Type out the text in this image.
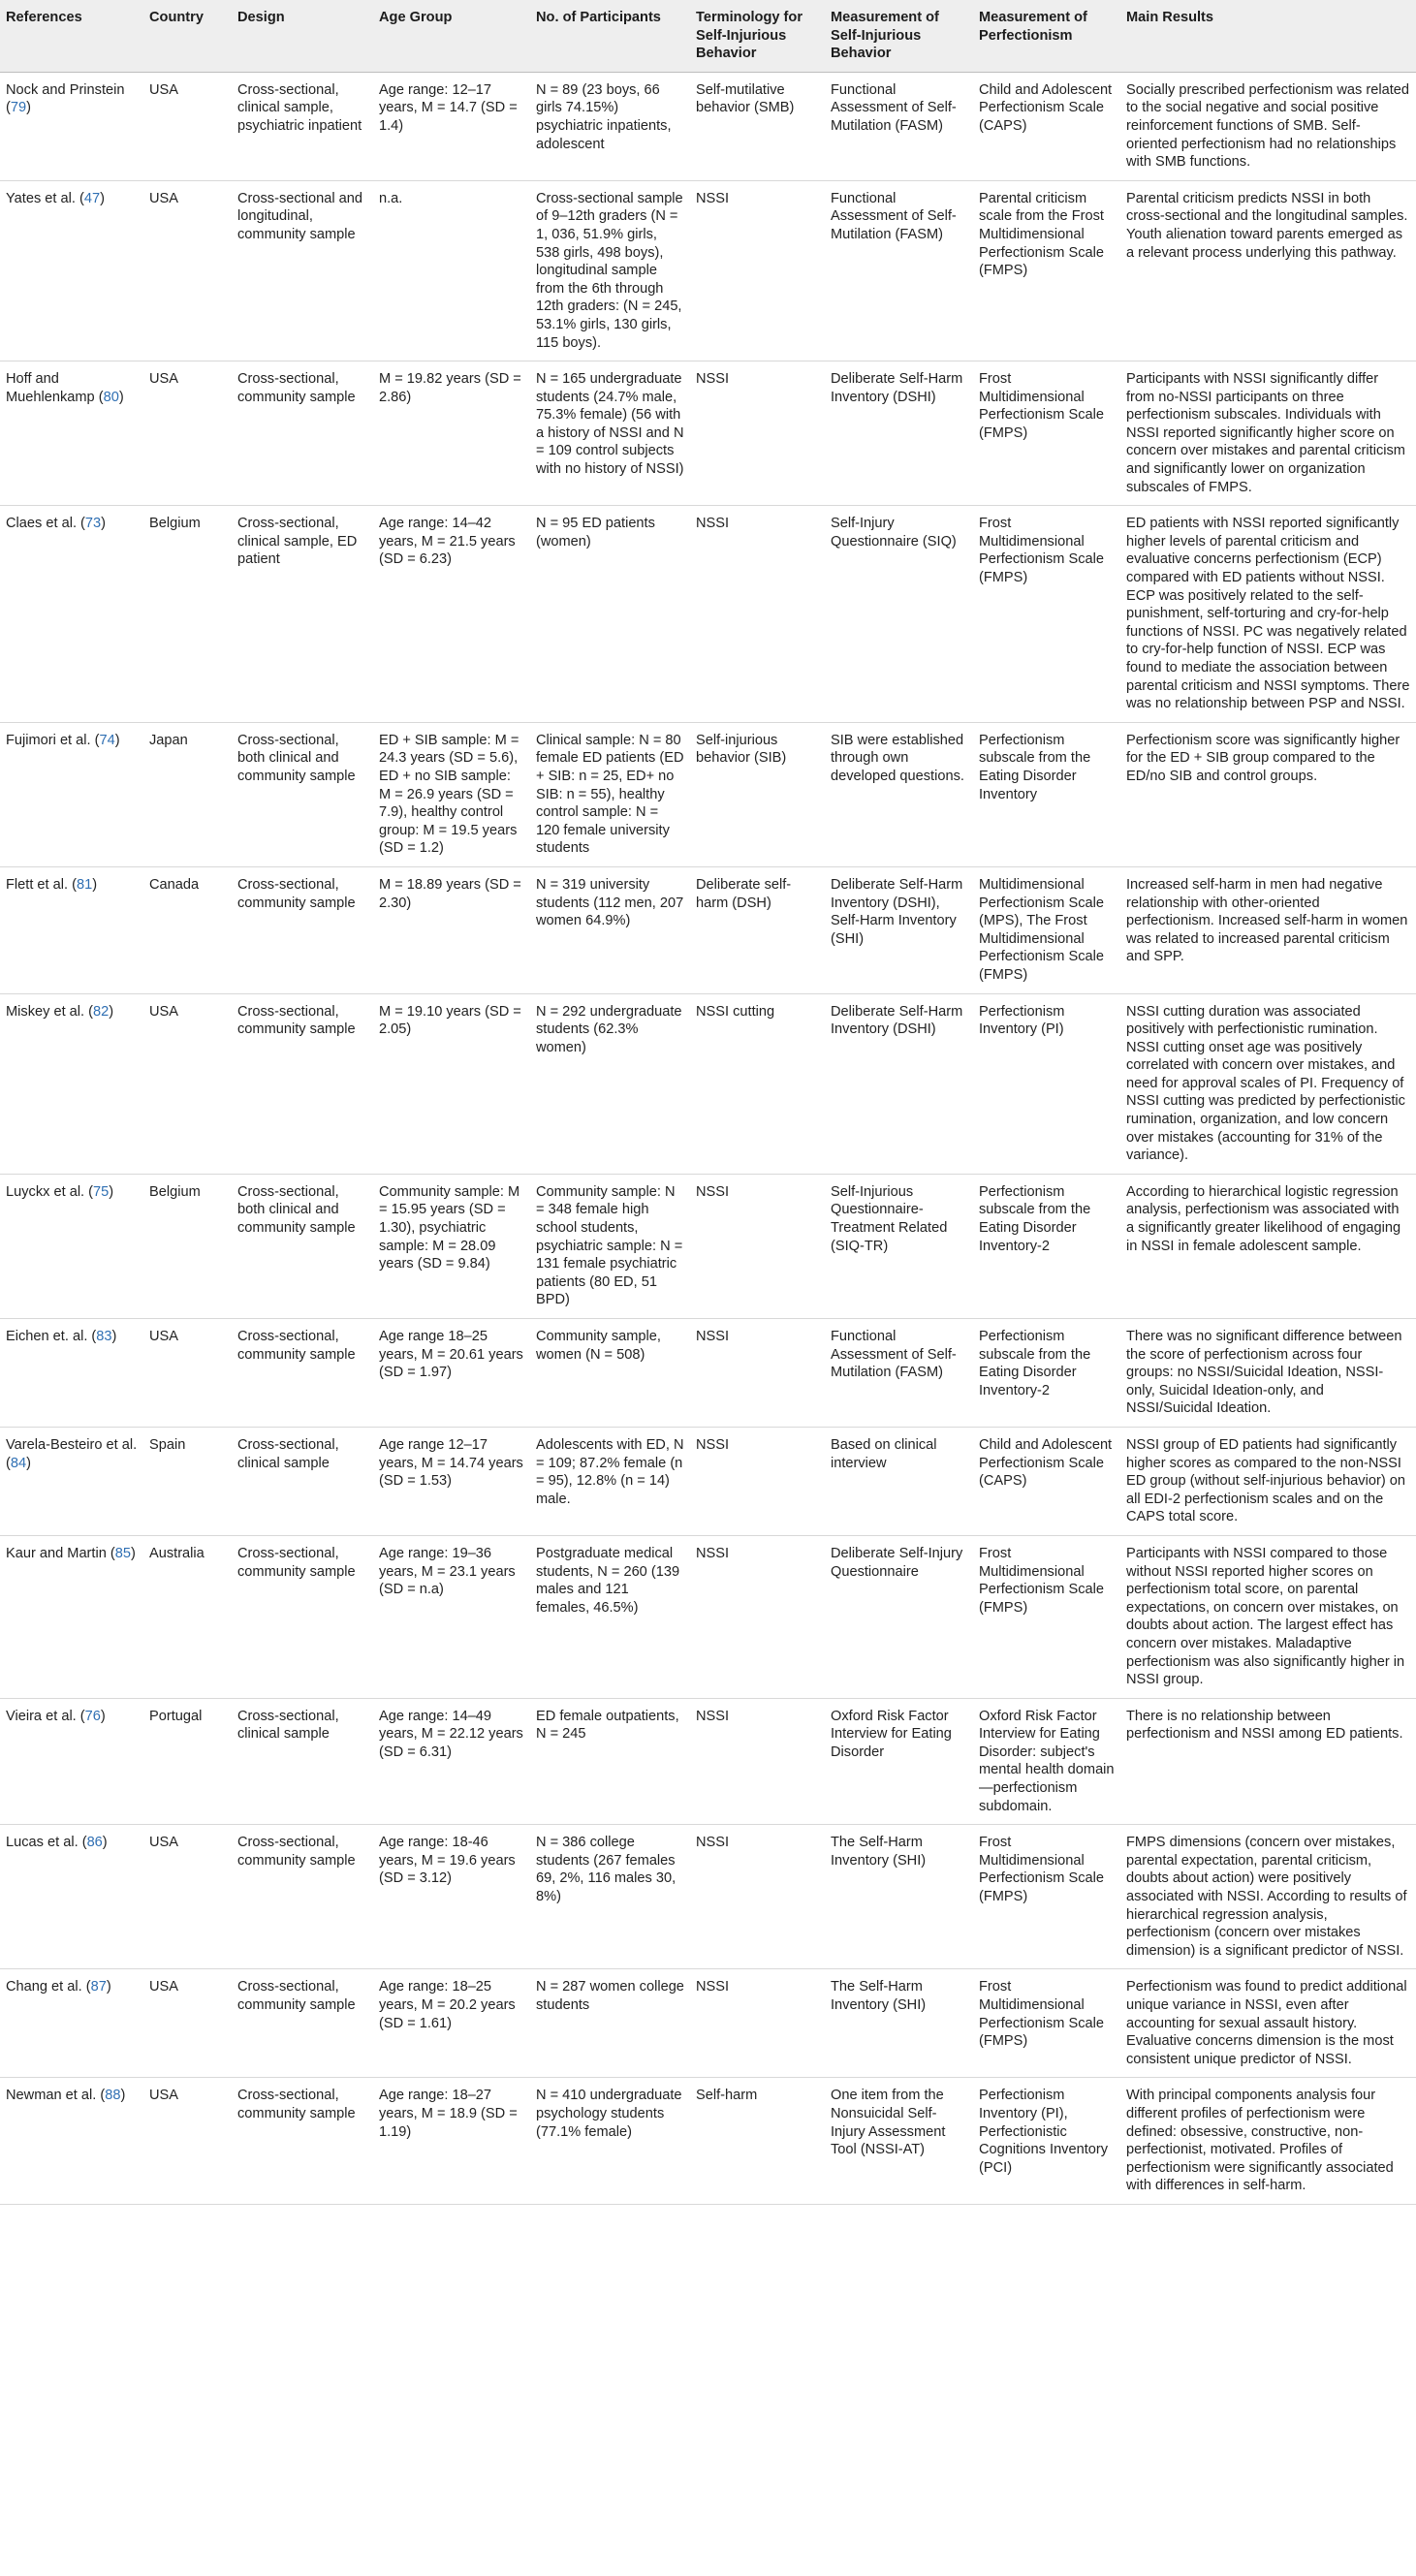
References	Country	Design	Age Group	No. of Participants	Terminology for Self-Injurious Behavior	Measurement of Self-Injurious Behavior	Measurement of Perfectionism	Main Results
Nock and Prinstein (79)	USA	Cross-sectional, clinical sample, psychiatric inpatient	Age range: 12–17 years, M = 14.7 (SD = 1.4)	N = 89 (23 boys, 66 girls 74.15%) psychiatric inpatients, adolescent	Self-mutilative behavior (SMB)	Functional Assessment of Self-Mutilation (FASM)	Child and Adolescent Perfectionism Scale (CAPS)	Socially prescribed perfectionism was related to the social negative and social positive reinforcement functions of SMB. Self-oriented perfectionism had no relationships with SMB functions.
Yates et al. (47)	USA	Cross-sectional and longitudinal, community sample	n.a.	Cross-sectional sample of 9–12th graders (N = 1, 036, 51.9% girls, 538 girls, 498 boys), longitudinal sample from the 6th through 12th graders: (N = 245, 53.1% girls, 130 girls, 115 boys).	NSSI	Functional Assessment of Self-Mutilation (FASM)	Parental criticism scale from the Frost Multidimensional Perfectionism Scale (FMPS)	Parental criticism predicts NSSI in both cross-sectional and the longitudinal samples. Youth alienation toward parents emerged as a relevant process underlying this pathway.
Hoff and Muehlenkamp (80)	USA	Cross-sectional, community sample	M = 19.82 years (SD = 2.86)	N = 165 undergraduate students (24.7% male, 75.3% female) (56 with a history of NSSI and N = 109 control subjects with no history of NSSI)	NSSI	Deliberate Self-Harm Inventory (DSHI)	Frost Multidimensional Perfectionism Scale (FMPS)	Participants with NSSI significantly differ from no-NSSI participants on three perfectionism subscales. Individuals with NSSI reported significantly higher score on concern over mistakes and parental criticism and significantly lower on organization subscales of FMPS.
Claes et al. (73)	Belgium	Cross-sectional, clinical sample, ED patient	Age range: 14–42 years, M = 21.5 years (SD = 6.23)	N = 95 ED patients (women)	NSSI	Self-Injury Questionnaire (SIQ)	Frost Multidimensional Perfectionism Scale (FMPS)	ED patients with NSSI reported significantly higher levels of parental criticism and evaluative concerns perfectionism (ECP) compared with ED patients without NSSI. ECP was positively related to the self-punishment, self-torturing and cry-for-help functions of NSSI. PC was negatively related to cry-for-help function of NSSI. ECP was found to mediate the association between parental criticism and NSSI symptoms. There was no relationship between PSP and NSSI.
Fujimori et al. (74)	Japan	Cross-sectional, both clinical and community sample	ED + SIB sample: M = 24.3 years (SD = 5.6), ED + no SIB sample: M = 26.9 years (SD = 7.9), healthy control group: M = 19.5 years (SD = 1.2)	Clinical sample: N = 80 female ED patients (ED + SIB: n = 25, ED+ no SIB: n = 55), healthy control sample: N = 120 female university students	Self-injurious behavior (SIB)	SIB were established through own developed questions.	Perfectionism subscale from the Eating Disorder Inventory	Perfectionism score was significantly higher for the ED + SIB group compared to the ED/no SIB and control groups.
Flett et al. (81)	Canada	Cross-sectional, community sample	M = 18.89 years (SD = 2.30)	N = 319 university students (112 men, 207 women 64.9%)	Deliberate self-harm (DSH)	Deliberate Self-Harm Inventory (DSHI), Self-Harm Inventory (SHI)	Multidimensional Perfectionism Scale (MPS), The Frost Multidimensional Perfectionism Scale (FMPS)	Increased self-harm in men had negative relationship with other-oriented perfectionism. Increased self-harm in women was related to increased parental criticism and SPP.
Miskey et al. (82)	USA	Cross-sectional, community sample	M = 19.10 years (SD = 2.05)	N = 292 undergraduate students (62.3% women)	NSSI cutting	Deliberate Self-Harm Inventory (DSHI)	Perfectionism Inventory (PI)	NSSI cutting duration was associated positively with perfectionistic rumination. NSSI cutting onset age was positively correlated with concern over mistakes, and need for approval scales of PI. Frequency of NSSI cutting was predicted by perfectionistic rumination, organization, and low concern over mistakes (accounting for 31% of the variance).
Luyckx et al. (75)	Belgium	Cross-sectional, both clinical and community sample	Community sample: M = 15.95 years (SD = 1.30), psychiatric sample: M = 28.09 years (SD = 9.84)	Community sample: N = 348 female high school students, psychiatric sample: N = 131 female psychiatric patients (80 ED, 51 BPD)	NSSI	Self-Injurious Questionnaire-Treatment Related (SIQ-TR)	Perfectionism subscale from the Eating Disorder Inventory-2	According to hierarchical logistic regression analysis, perfectionism was associated with a significantly greater likelihood of engaging in NSSI in female adolescent sample.
Eichen et. al. (83)	USA	Cross-sectional, community sample	Age range 18–25 years, M = 20.61 years (SD = 1.97)	Community sample, women (N = 508)	NSSI	Functional Assessment of Self-Mutilation (FASM)	Perfectionism subscale from the Eating Disorder Inventory-2	There was no significant difference between the score of perfectionism across four groups: no NSSI/Suicidal Ideation, NSSI-only, Suicidal Ideation-only, and NSSI/Suicidal Ideation.
Varela-Besteiro et al. (84)	Spain	Cross-sectional, clinical sample	Age range 12–17 years, M = 14.74 years (SD = 1.53)	Adolescents with ED, N = 109; 87.2% female (n = 95), 12.8% (n = 14) male.	NSSI	Based on clinical interview	Child and Adolescent Perfectionism Scale (CAPS)	NSSI group of ED patients had significantly higher scores as compared to the non-NSSI ED group (without self-injurious behavior) on all EDI-2 perfectionism scales and on the CAPS total score.
Kaur and Martin (85)	Australia	Cross-sectional, community sample	Age range: 19–36 years, M = 23.1 years (SD = n.a)	Postgraduate medical students, N = 260 (139 males and 121 females, 46.5%)	NSSI	Deliberate Self-Injury Questionnaire	Frost Multidimensional Perfectionism Scale (FMPS)	Participants with NSSI compared to those without NSSI reported higher scores on perfectionism total score, on parental expectations, on concern over mistakes, on doubts about action. The largest effect has concern over mistakes. Maladaptive perfectionism was also significantly higher in NSSI group.
Vieira et al. (76)	Portugal	Cross-sectional, clinical sample	Age range: 14–49 years, M = 22.12 years (SD = 6.31)	ED female outpatients, N = 245	NSSI	Oxford Risk Factor Interview for Eating Disorder	Oxford Risk Factor Interview for Eating Disorder: subject's mental health domain—perfectionism subdomain.	There is no relationship between perfectionism and NSSI among ED patients.
Lucas et al. (86)	USA	Cross-sectional, community sample	Age range: 18-46 years, M = 19.6 years (SD = 3.12)	N = 386 college students (267 females 69, 2%, 116 males 30, 8%)	NSSI	The Self-Harm Inventory (SHI)	Frost Multidimensional Perfectionism Scale (FMPS)	FMPS dimensions (concern over mistakes, parental expectation, parental criticism, doubts about action) were positively associated with NSSI. According to results of hierarchical regression analysis, perfectionism (concern over mistakes dimension) is a significant predictor of NSSI.
Chang et al. (87)	USA	Cross-sectional, community sample	Age range: 18–25 years, M = 20.2 years (SD = 1.61)	N = 287 women college students	NSSI	The Self-Harm Inventory (SHI)	Frost Multidimensional Perfectionism Scale (FMPS)	Perfectionism was found to predict additional unique variance in NSSI, even after accounting for sexual assault history. Evaluative concerns dimension is the most consistent unique predictor of NSSI.
Newman et al. (88)	USA	Cross-sectional, community sample	Age range: 18–27 years, M = 18.9 (SD = 1.19)	N = 410 undergraduate psychology students (77.1% female)	Self-harm	One item from the Nonsuicidal Self-Injury Assessment Tool (NSSI-AT)	Perfectionism Inventory (PI), Perfectionistic Cognitions Inventory (PCI)	With principal components analysis four different profiles of perfectionism were defined: obsessive, constructive, non-perfectionist, motivated. Profiles of perfectionism were significantly associated with differences in self-harm.
